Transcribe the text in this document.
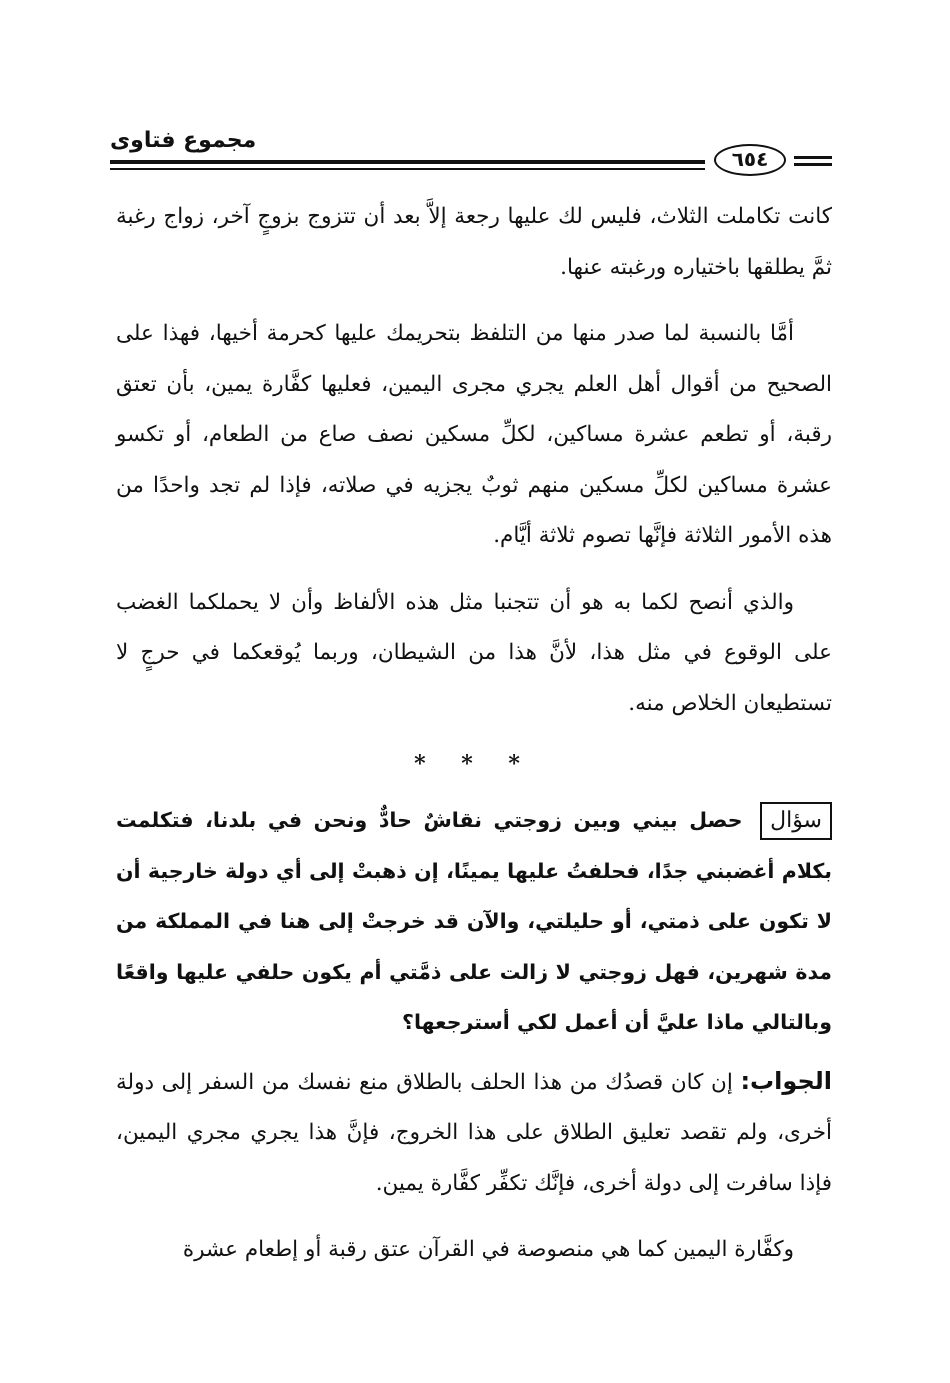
مجموع فتاوى
٦٥٤

كانت تكاملت الثلاث، فليس لك عليها رجعة إلاَّ بعد أن تتزوج بزوجٍ آخر، زواج رغبة ثمَّ يطلقها باختياره ورغبته عنها.

أمَّا بالنسبة لما صدر منها من التلفظ بتحريمك عليها كحرمة أخيها، فهذا على الصحيح من أقوال أهل العلم يجري مجرى اليمين، فعليها كفَّارة يمين، بأن تعتق رقبة، أو تطعم عشرة مساكين، لكلِّ مسكين نصف صاع من الطعام، أو تكسو عشرة مساكين لكلِّ مسكين منهم ثوبٌ يجزيه في صلاته، فإذا لم تجد واحدًا من هذه الأمور الثلاثة فإنَّها تصوم ثلاثة أيَّام.

والذي أنصح لكما به هو أن تتجنبا مثل هذه الألفاظ وأن لا يحملكما الغضب على الوقوع في مثل هذا، لأنَّ هذا من الشيطان، وربما يُوقعكما في حرجٍ لا تستطيعان الخلاص منه.

* * *

سؤال حصل بيني وبين زوجتي نقاشٌ حادٌّ ونحن في بلدنا، فتكلمت بكلام أغضبني جدًا، فحلفتُ عليها يمينًا، إن ذهبتْ إلى أي دولة خارجية أن لا تكون على ذمتي، أو حليلتي، والآن قد خرجتْ إلى هنا في المملكة من مدة شهرين، فهل زوجتي لا زالت على ذمَّتي أم يكون حلفي عليها واقعًا وبالتالي ماذا عليَّ أن أعمل لكي أسترجعها؟

الجواب: إن كان قصدُك من هذا الحلف بالطلاق منع نفسك من السفر إلى دولة أخرى، ولم تقصد تعليق الطلاق على هذا الخروج، فإنَّ هذا يجري مجري اليمين، فإذا سافرت إلى دولة أخرى، فإنَّك تكفِّر كفَّارة يمين.

وكفَّارة اليمين كما هي منصوصة في القرآن عتق رقبة أو إطعام عشرة
